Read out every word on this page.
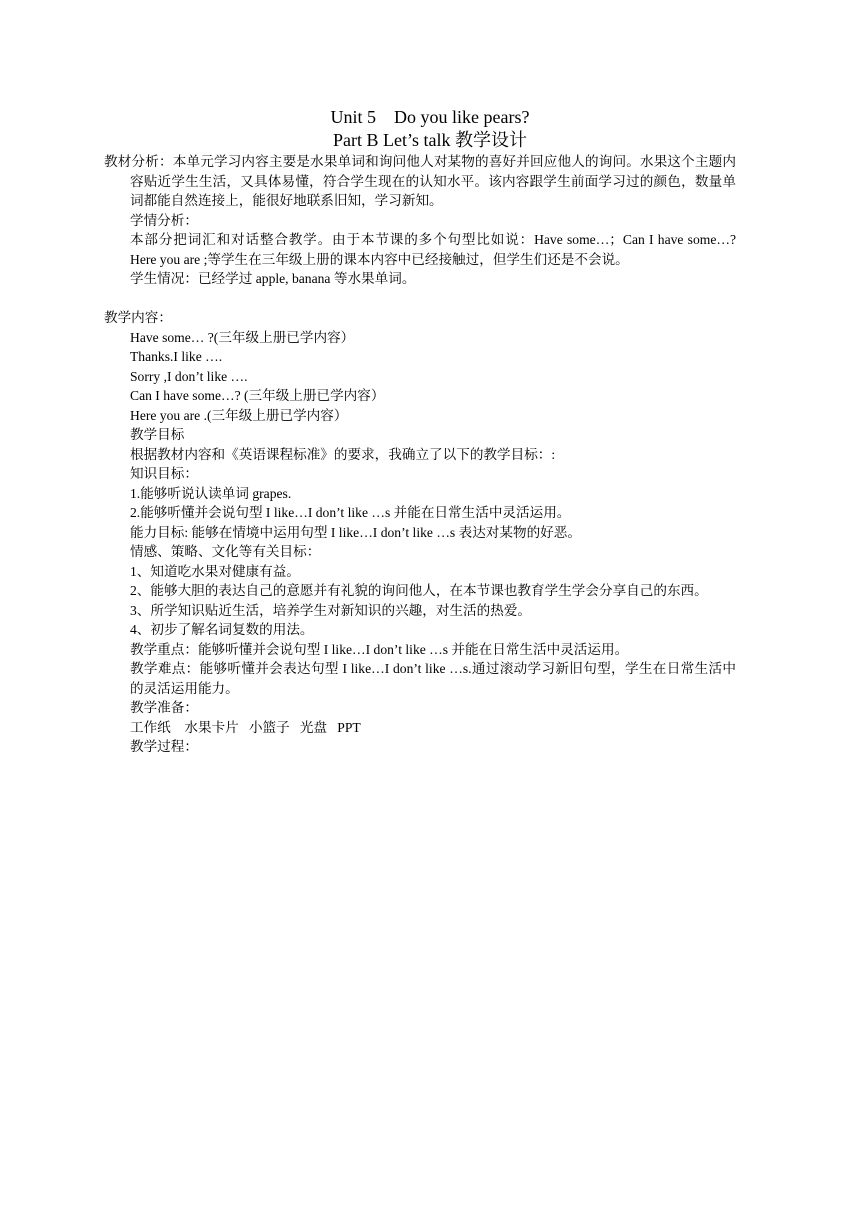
Unit 5    Do you like pears?
Part B Let’s talk 教学设计

教材分析：本单元学习内容主要是水果单词和询问他人对某物的喜好并回应他人的询问。水果这个主题内容贴近学生生活，又具体易懂，符合学生现在的认知水平。该内容跟学生前面学习过的颜色，数量单词都能自然连接上，能很好地联系旧知，学习新知。

学情分析：

本部分把词汇和对话整合教学。由于本节课的多个句型比如说：Have some…；Can I have some…? Here you are ;等学生在三年级上册的课本内容中已经接触过，但学生们还是不会说。

学生情况：已经学过 apple, banana 等水果单词。

教学内容：

Have some… ?(三年级上册已学内容）

Thanks.I like ….

Sorry ,I don’t like ….

Can I have some…? (三年级上册已学内容）

Here you are .(三年级上册已学内容）

教学目标

根据教材内容和《英语课程标准》的要求，我确立了以下的教学目标：:

知识目标：

1.能够听说认读单词 grapes.

2.能够听懂并会说句型 I like…I don’t like …s 并能在日常生活中灵活运用。

能力目标: 能够在情境中运用句型 I like…I don’t like …s 表达对某物的好恶。

情感、策略、文化等有关目标：

1、知道吃水果对健康有益。

2、能够大胆的表达自己的意愿并有礼貌的询问他人，在本节课也教育学生学会分享自己的东西。

3、所学知识贴近生活，培养学生对新知识的兴趣，对生活的热爱。

4、初步了解名词复数的用法。

教学重点：能够听懂并会说句型 I like…I don’t like …s 并能在日常生活中灵活运用。

教学难点：能够听懂并会表达句型 I like…I don’t like …s.通过滚动学习新旧句型，学生在日常生活中的灵活运用能力。

教学准备：

工作纸    水果卡片   小篮子   光盘   PPT

教学过程：
